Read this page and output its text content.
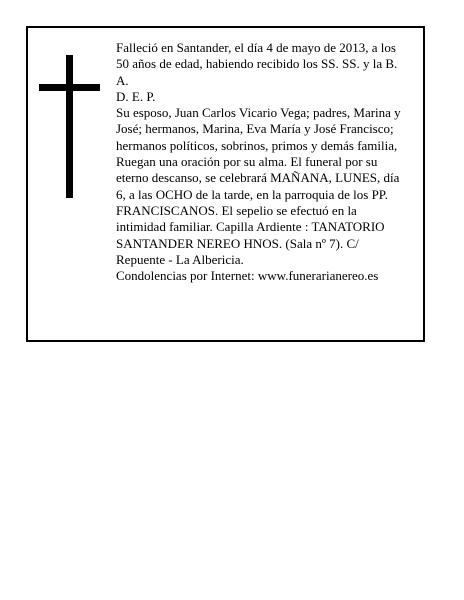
Falleció en Santander, el día 4 de mayo de 2013, a los 50 años de edad, habiendo recibido los SS. SS. y la B. A.

D. E. P.

Su esposo, Juan Carlos Vicario Vega; padres, Marina y José; hermanos, Marina, Eva María y José Francisco; hermanos políticos, sobrinos, primos y demás familia, Ruegan una oración por su alma. El funeral por su eterno descanso, se celebrará MAÑANA, LUNES, día 6, a las OCHO de la tarde, en la parroquia de los PP. FRANCISCANOS. El sepelio se efectuó en la intimidad familiar. Capilla Ardiente : TANATORIO SANTANDER NEREO HNOS. (Sala nº 7). C/ Repuente - La Albericia.

Condolencias por Internet: www.funerarianereo.es
